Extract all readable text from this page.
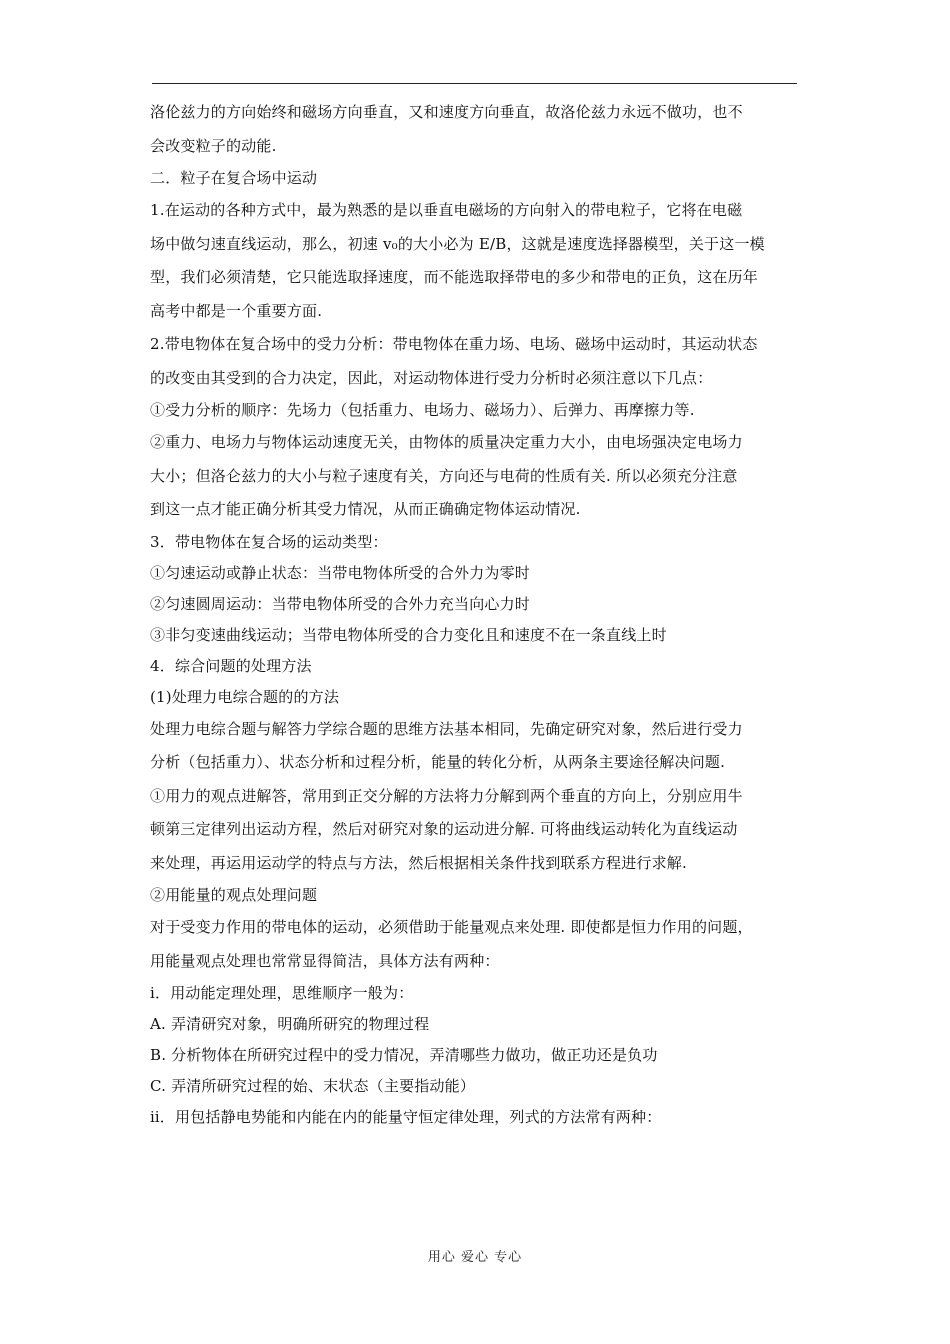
洛伦兹力的方向始终和磁场方向垂直，又和速度方向垂直，故洛伦兹力永远不做功，也不
会改变粒子的动能.
二．粒子在复合场中运动
1.在运动的各种方式中，最为熟悉的是以垂直电磁场的方向射入的带电粒子，它将在电磁
场中做匀速直线运动，那么，初速 v₀的大小必为 E/B，这就是速度选择器模型，关于这一模
型，我们必须清楚，它只能选取择速度，而不能选取择带电的多少和带电的正负，这在历年
高考中都是一个重要方面.
2.带电物体在复合场中的受力分析：带电物体在重力场、电场、磁场中运动时，其运动状态
的改变由其受到的合力决定，因此，对运动物体进行受力分析时必须注意以下几点：
①受力分析的顺序：先场力（包括重力、电场力、磁场力）、后弹力、再摩擦力等.
②重力、电场力与物体运动速度无关，由物体的质量决定重力大小，由电场强决定电场力
大小；但洛仑兹力的大小与粒子速度有关，方向还与电荷的性质有关. 所以必须充分注意
到这一点才能正确分析其受力情况，从而正确确定物体运动情况.
3．带电物体在复合场的运动类型：
①匀速运动或静止状态：当带电物体所受的合外力为零时
②匀速圆周运动：当带电物体所受的合外力充当向心力时
③非匀变速曲线运动；当带电物体所受的合力变化且和速度不在一条直线上时
4．综合问题的处理方法
(1)处理力电综合题的的方法
处理力电综合题与解答力学综合题的思维方法基本相同，先确定研究对象，然后进行受力
分析（包括重力）、状态分析和过程分析，能量的转化分析，从两条主要途径解决问题.
①用力的观点进解答，常用到正交分解的方法将力分解到两个垂直的方向上，分别应用牛
顿第三定律列出运动方程，然后对研究对象的运动进分解. 可将曲线运动转化为直线运动
来处理，再运用运动学的特点与方法，然后根据相关条件找到联系方程进行求解.
②用能量的观点处理问题
对于受变力作用的带电体的运动，必须借助于能量观点来处理. 即使都是恒力作用的问题，
用能量观点处理也常常显得简洁，具体方法有两种：
ⅰ．用动能定理处理，思维顺序一般为：
A. 弄清研究对象，明确所研究的物理过程
B. 分析物体在所研究过程中的受力情况，弄清哪些力做功，做正功还是负功
C. 弄清所研究过程的始、末状态（主要指动能）
ⅱ．用包括静电势能和内能在内的能量守恒定律处理，列式的方法常有两种：
用心 爱心 专心
